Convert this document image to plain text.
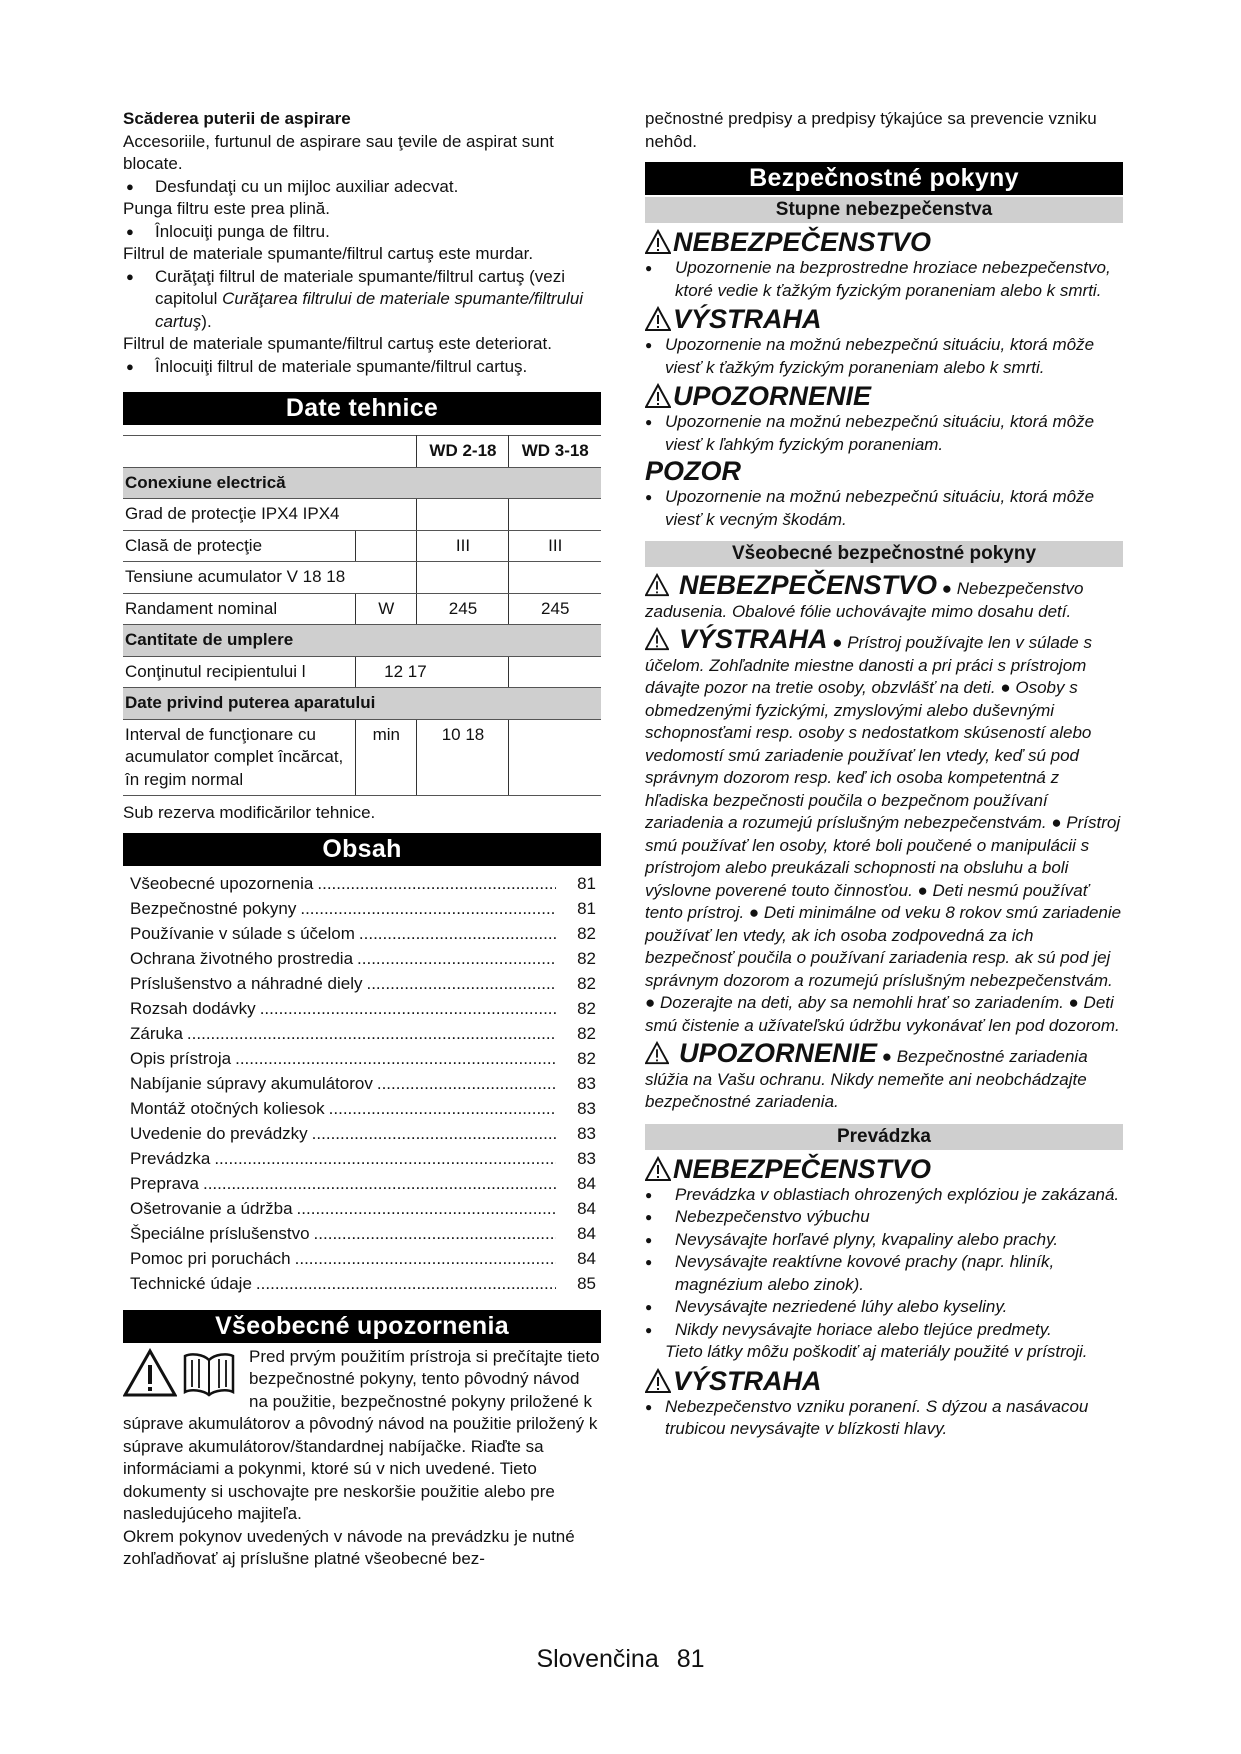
Scăderea puterii de aspirare

Accesoriile, furtunul de aspirare sau ţevile de aspirat sunt blocate.

● Desfundaţi cu un mijloc auxiliar adecvat.

Punga filtru este prea plină.

● Înlocuiţi punga de filtru.

Filtrul de materiale spumante/filtrul cartuş este murdar.

● Curăţaţi filtrul de materiale spumante/filtrul cartuş (vezi capitolul Curăţarea filtrului de materiale spumante/filtrului cartuş).

Filtrul de materiale spumante/filtrul cartuş este deteriorat.

● Înlocuiţi filtrul de materiale spumante/filtrul cartuş.

Date tehnice
		WD 2-18	WD 3-18
Conexiune electrică			
Grad de protecţie IPX4 IPX4			
Clasă de protecţie		III	III
Tensiune acumulator V 18 18			
Randament nominal	W	245	245
Cantitate de umplere			
Conţinutul recipientului l	12 17		
Date privind puterea aparatului			
Interval de funcţionare cu acumulator complet încărcat, în regim normal	min	10 18	

Sub rezerva modificărilor tehnice.

Obsah
Všeobecné upozornenia .....	81
Bezpečnostné pokyny .....	81
Používanie v súlade s účelom .....	82
Ochrana životného prostredia .....	82
Príslušenstvo a náhradné diely .....	82
Rozsah dodávky .....	82
Záruka .....	82
Opis prístroja .....	82
Nabíjanie súpravy akumulátorov .....	83
Montáž otočných koliesok .....	83
Uvedenie do prevádzky .....	83
Prevádzka .....	83
Preprava .....	84
Ošetrovanie a údržba .....	84
Špeciálne príslušenstvo .....	84
Pomoc pri poruchách .....	84
Technické údaje .....	85
Všeobecné upozornenia

Pred prvým použitím prístroja si prečítajte tieto bezpečnostné pokyny, tento pôvodný návod na použitie, bezpečnostné pokyny priložené k súprave akumulátorov a pôvodný návod na použitie priložený k súprave akumulátorov/štandardnej nabíjačke. Riaďte sa informáciami a pokynmi, ktoré sú v nich uvedené. Tieto dokumenty si uschovajte pre neskoršie použitie alebo pre nasledujúceho majiteľa.

Okrem pokynov uvedených v návode na prevádzku je nutné zohľadňovať aj príslušne platné všeobecné bez-

pečnostné predpisy a predpisy týkajúce sa prevencie vzniku nehôd.

Bezpečnostné pokyny
Stupne nebezpečenstva
NEBEZPEČENSTVO

● Upozornenie na bezprostredne hroziace nebezpečenstvo, ktoré vedie k ťažkým fyzickým poraneniam alebo k smrti.

VÝSTRAHA

● Upozornenie na možnú nebezpečnú situáciu, ktorá môže viesť k ťažkým fyzickým poraneniam alebo k smrti.

UPOZORNENIE

● Upozornenie na možnú nebezpečnú situáciu, ktorá môže viesť k ľahkým fyzickým poraneniam.

POZOR

● Upozornenie na možnú nebezpečnú situáciu, ktorá môže viesť k vecným škodám.

Všeobecné bezpečnostné pokyny

NEBEZPEČENSTVO ● Nebezpečenstvo zadusenia. Obalové fólie uchovávajte mimo dosahu detí.

VÝSTRAHA ● Prístroj používajte len v súlade s účelom. Zohľadnite miestne danosti a pri práci s prístrojom dávajte pozor na tretie osoby, obzvlášť na deti. ● Osoby s obmedzenými fyzickými, zmyslovými alebo duševnými schopnosťami resp. osoby s nedostatkom skúseností alebo vedomostí smú zariadenie používať len vtedy, keď sú pod správnym dozorom resp. keď ich osoba kompetentná z hľadiska bezpečnosti poučila o bezpečnom používaní zariadenia a rozumejú príslušným nebezpečenstvám. ● Prístroj smú používať len osoby, ktoré boli poučené o manipulácii s prístrojom alebo preukázali schopnosti na obsluhu a boli výslovne poverené touto činnosťou. ● Deti nesmú používať tento prístroj. ● Deti minimálne od veku 8 rokov smú zariadenie používať len vtedy, ak ich osoba zodpovedná za ich bezpečnosť poučila o používaní zariadenia resp. ak sú pod jej správnym dozorom a rozumejú príslušným nebezpečenstvám. ● Dozerajte na deti, aby sa nemohli hrať so zariadením. ● Deti smú čistenie a užívateľskú údržbu vykonávať len pod dozorom.

UPOZORNENIE ● Bezpečnostné zariadenia slúžia na Vašu ochranu. Nikdy nemeňte ani neobchádzajte bezpečnostné zariadenia.

Prevádzka
NEBEZPEČENSTVO

● Prevádzka v oblastiach ohrozených explóziou je zakázaná.

● Nebezpečenstvo výbuchu

● Nevysávajte horľavé plyny, kvapaliny alebo prachy.

● Nevysávajte reaktívne kovové prachy (napr. hliník, magnézium alebo zinok).

● Nevysávajte nezriedené lúhy alebo kyseliny.

● Nikdy nevysávajte horiace alebo tlejúce predmety.

Tieto látky môžu poškodiť aj materiály použité v prístroji.

VÝSTRAHA

● Nebezpečenstvo vzniku poranení. S dýzou a nasávacou trubicou nevysávajte v blízkosti hlavy.

Slovenčina 81
